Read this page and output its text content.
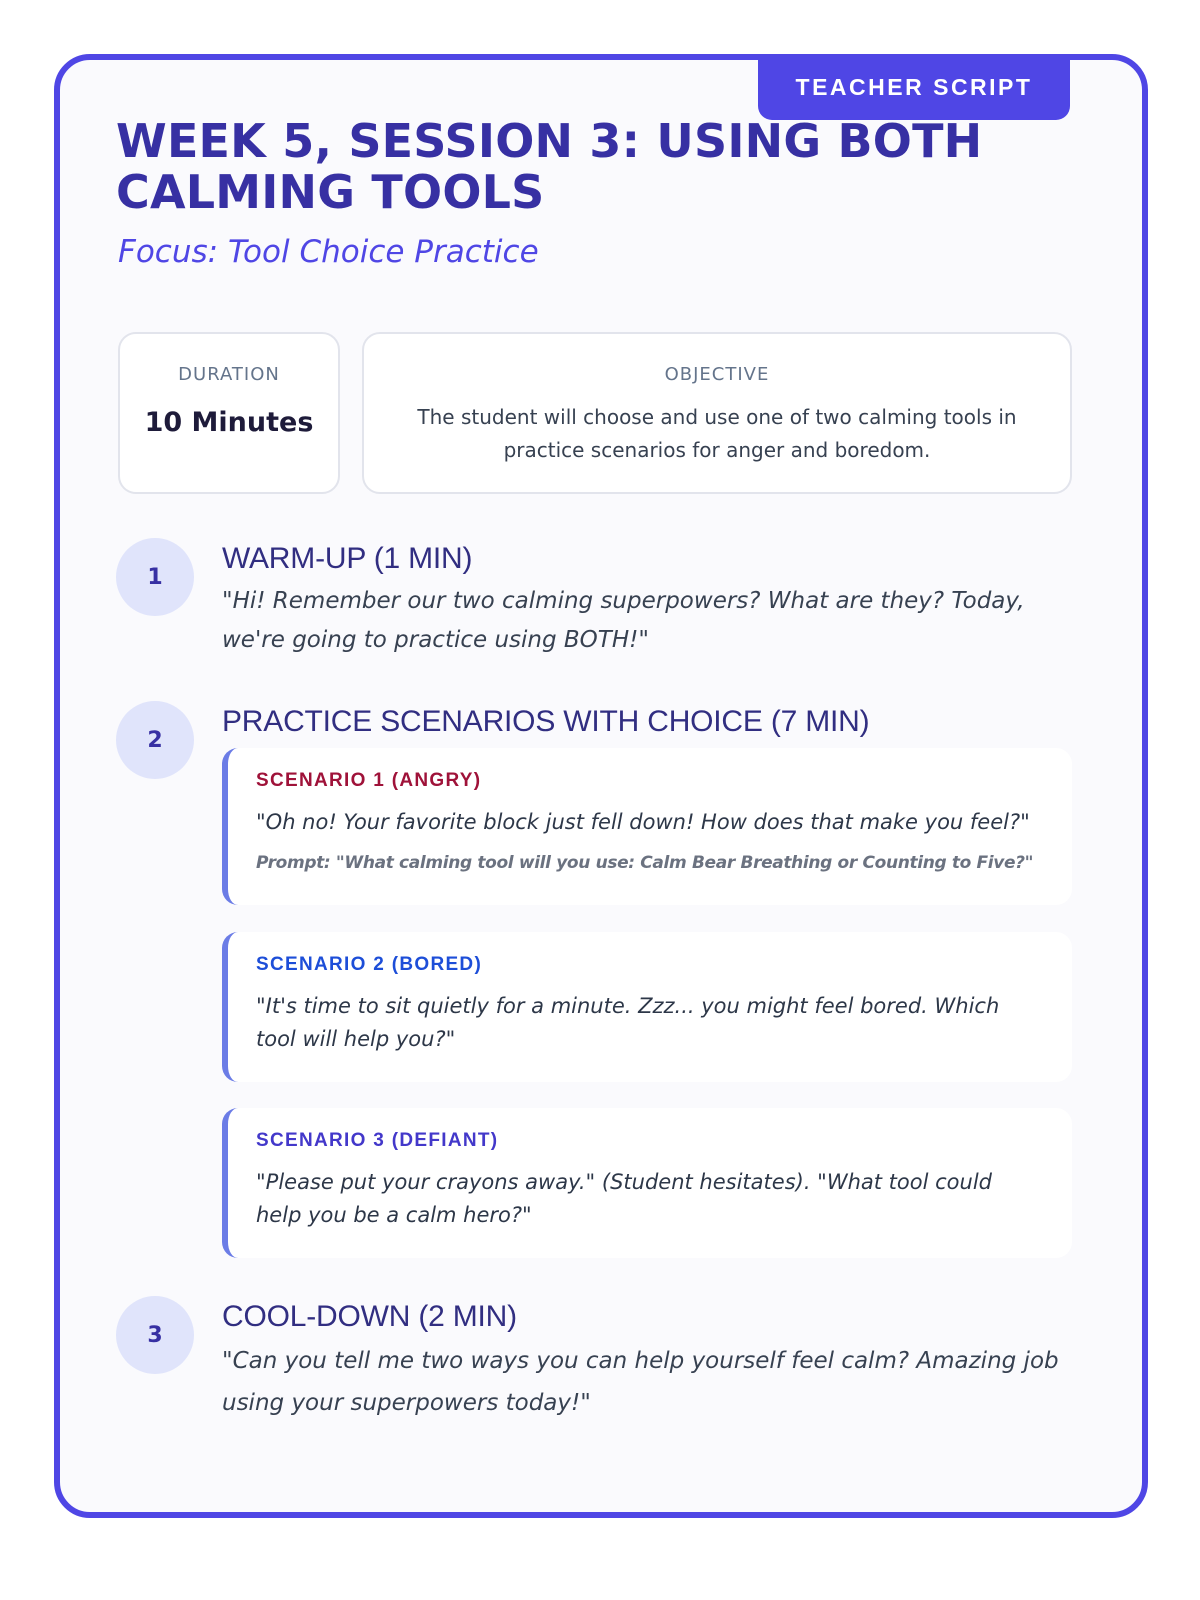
TEACHER SCRIPT
WEEK 5, SESSION 3: USING BOTH CALMING TOOLS
Focus: Tool Choice Practice
DURATION
10 Minutes
OBJECTIVE
The student will choose and use one of two calming tools in practice scenarios for anger and boredom.
1
WARM-UP (1 MIN)

"Hi! Remember our two calming superpowers? What are they? Today, we're going to practice using BOTH!"

2
PRACTICE SCENARIOS WITH CHOICE (7 MIN)
SCENARIO 1 (ANGRY)
"Oh no! Your favorite block just fell down! How does that make you feel?"
Prompt: "What calming tool will you use: Calm Bear Breathing or Counting to Five?"
SCENARIO 2 (BORED)
"It's time to sit quietly for a minute. Zzz... you might feel bored. Which tool will help you?"
SCENARIO 3 (DEFIANT)
"Please put your crayons away." (Student hesitates). "What tool could help you be a calm hero?"
3
COOL-DOWN (2 MIN)

"Can you tell me two ways you can help yourself feel calm? Amazing job using your superpowers today!"
